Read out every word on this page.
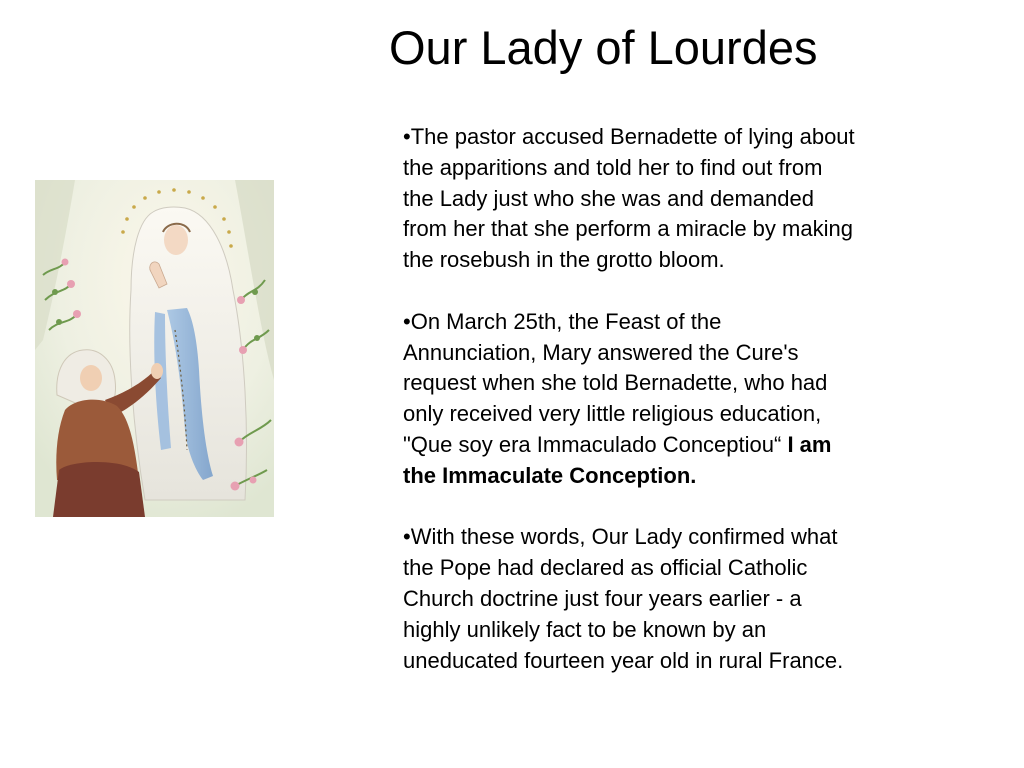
Our Lady of Lourdes

•The pastor accused Bernadette of lying about
the apparitions and told her to find out from
the Lady just who she was and demanded
from her that she perform a miracle by making
the rosebush in the grotto bloom.

•On March 25th, the Feast of the
Annunciation, Mary answered the Cure's
request when she told Bernadette, who had
only received very little religious education,
"Que soy era Immaculado Conceptiou“ I am
the Immaculate Conception.

•With these words, Our Lady confirmed what
the Pope had declared as official Catholic
Church doctrine just four years earlier - a
highly unlikely fact to be known by an
uneducated fourteen year old in rural France.
